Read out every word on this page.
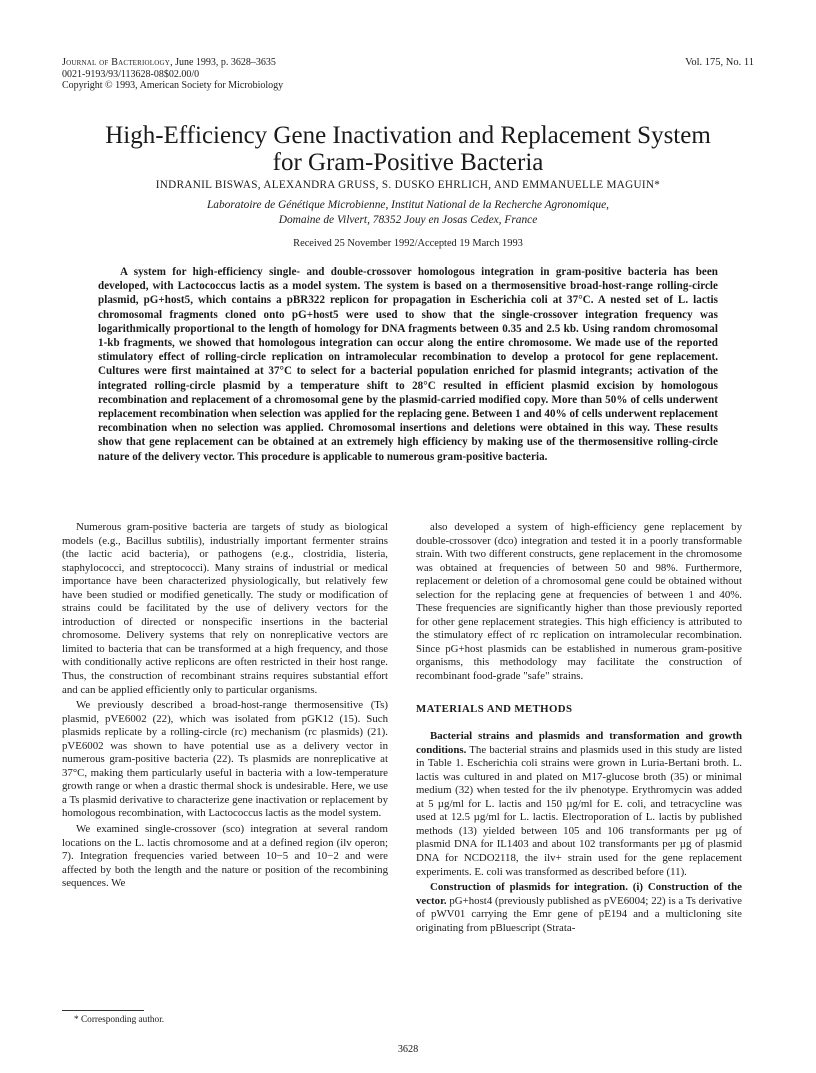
Journal of Bacteriology, June 1993, p. 3628–3635
0021-9193/93/113628-08$02.00/0
Copyright © 1993, American Society for Microbiology
Vol. 175, No. 11
High-Efficiency Gene Inactivation and Replacement System
for Gram-Positive Bacteria
INDRANIL BISWAS, ALEXANDRA GRUSS, S. DUSKO EHRLICH, AND EMMANUELLE MAGUIN*
Laboratoire de Génétique Microbienne, Institut National de la Recherche Agronomique,
Domaine de Vilvert, 78352 Jouy en Josas Cedex, France
Received 25 November 1992/Accepted 19 March 1993

A system for high-efficiency single- and double-crossover homologous integration in gram-positive bacteria has been developed, with Lactococcus lactis as a model system. The system is based on a thermosensitive broad-host-range rolling-circle plasmid, pG+host5, which contains a pBR322 replicon for propagation in Escherichia coli at 37°C. A nested set of L. lactis chromosomal fragments cloned onto pG+host5 were used to show that the single-crossover integration frequency was logarithmically proportional to the length of homology for DNA fragments between 0.35 and 2.5 kb. Using random chromosomal 1-kb fragments, we showed that homologous integration can occur along the entire chromosome. We made use of the reported stimulatory effect of rolling-circle replication on intramolecular recombination to develop a protocol for gene replacement. Cultures were first maintained at 37°C to select for a bacterial population enriched for plasmid integrants; activation of the integrated rolling-circle plasmid by a temperature shift to 28°C resulted in efficient plasmid excision by homologous recombination and replacement of a chromosomal gene by the plasmid-carried modified copy. More than 50% of cells underwent replacement recombination when selection was applied for the replacing gene. Between 1 and 40% of cells underwent replacement recombination when no selection was applied. Chromosomal insertions and deletions were obtained in this way. These results show that gene replacement can be obtained at an extremely high efficiency by making use of the thermosensitive rolling-circle nature of the delivery vector. This procedure is applicable to numerous gram-positive bacteria.

Numerous gram-positive bacteria are targets of study as biological models (e.g., Bacillus subtilis), industrially important fermenter strains (the lactic acid bacteria), or pathogens (e.g., clostridia, listeria, staphylococci, and streptococci). Many strains of industrial or medical importance have been characterized physiologically, but relatively few have been studied or modified genetically. The study or modification of strains could be facilitated by the use of delivery vectors for the introduction of directed or nonspecific insertions in the bacterial chromosome. Delivery systems that rely on nonreplicative vectors are limited to bacteria that can be transformed at a high frequency, and those with conditionally active replicons are often restricted in their host range. Thus, the construction of recombinant strains requires substantial effort and can be applied efficiently only to particular organisms.

We previously described a broad-host-range thermosensitive (Ts) plasmid, pVE6002 (22), which was isolated from pGK12 (15). Such plasmids replicate by a rolling-circle (rc) mechanism (rc plasmids) (21). pVE6002 was shown to have potential use as a delivery vector in numerous gram-positive bacteria (22). Ts plasmids are nonreplicative at 37°C, making them particularly useful in bacteria with a low-temperature growth range or when a drastic thermal shock is undesirable. Here, we use a Ts plasmid derivative to characterize gene inactivation or replacement by homologous recombination, with Lactococcus lactis as the model system.

We examined single-crossover (sco) integration at several random locations on the L. lactis chromosome and at a defined region (ilv operon; 7). Integration frequencies varied between 10−5 and 10−2 and were affected by both the length and the nature or position of the recombining sequences. We

also developed a system of high-efficiency gene replacement by double-crossover (dco) integration and tested it in a poorly transformable strain. With two different constructs, gene replacement in the chromosome was obtained at frequencies of between 50 and 98%. Furthermore, replacement or deletion of a chromosomal gene could be obtained without selection for the replacing gene at frequencies of between 1 and 40%. These frequencies are significantly higher than those previously reported for other gene replacement strategies. This high efficiency is attributed to the stimulatory effect of rc replication on intramolecular recombination. Since pG+host plasmids can be established in numerous gram-positive organisms, this methodology may facilitate the construction of recombinant food-grade "safe" strains.

MATERIALS AND METHODS

Bacterial strains and plasmids and transformation and growth conditions. The bacterial strains and plasmids used in this study are listed in Table 1. Escherichia coli strains were grown in Luria-Bertani broth. L. lactis was cultured in and plated on M17-glucose broth (35) or minimal medium (32) when tested for the ilv phenotype. Erythromycin was added at 5 µg/ml for L. lactis and 150 µg/ml for E. coli, and tetracycline was used at 12.5 µg/ml for L. lactis. Electroporation of L. lactis by published methods (13) yielded between 105 and 106 transformants per µg of plasmid DNA for IL1403 and about 102 transformants per µg of plasmid DNA for NCDO2118, the ilv+ strain used for the gene replacement experiments. E. coli was transformed as described before (11).

Construction of plasmids for integration. (i) Construction of the vector. pG+host4 (previously published as pVE6004; 22) is a Ts derivative of pWV01 carrying the Emr gene of pE194 and a multicloning site originating from pBluescript (Strata-

* Corresponding author.
3628
